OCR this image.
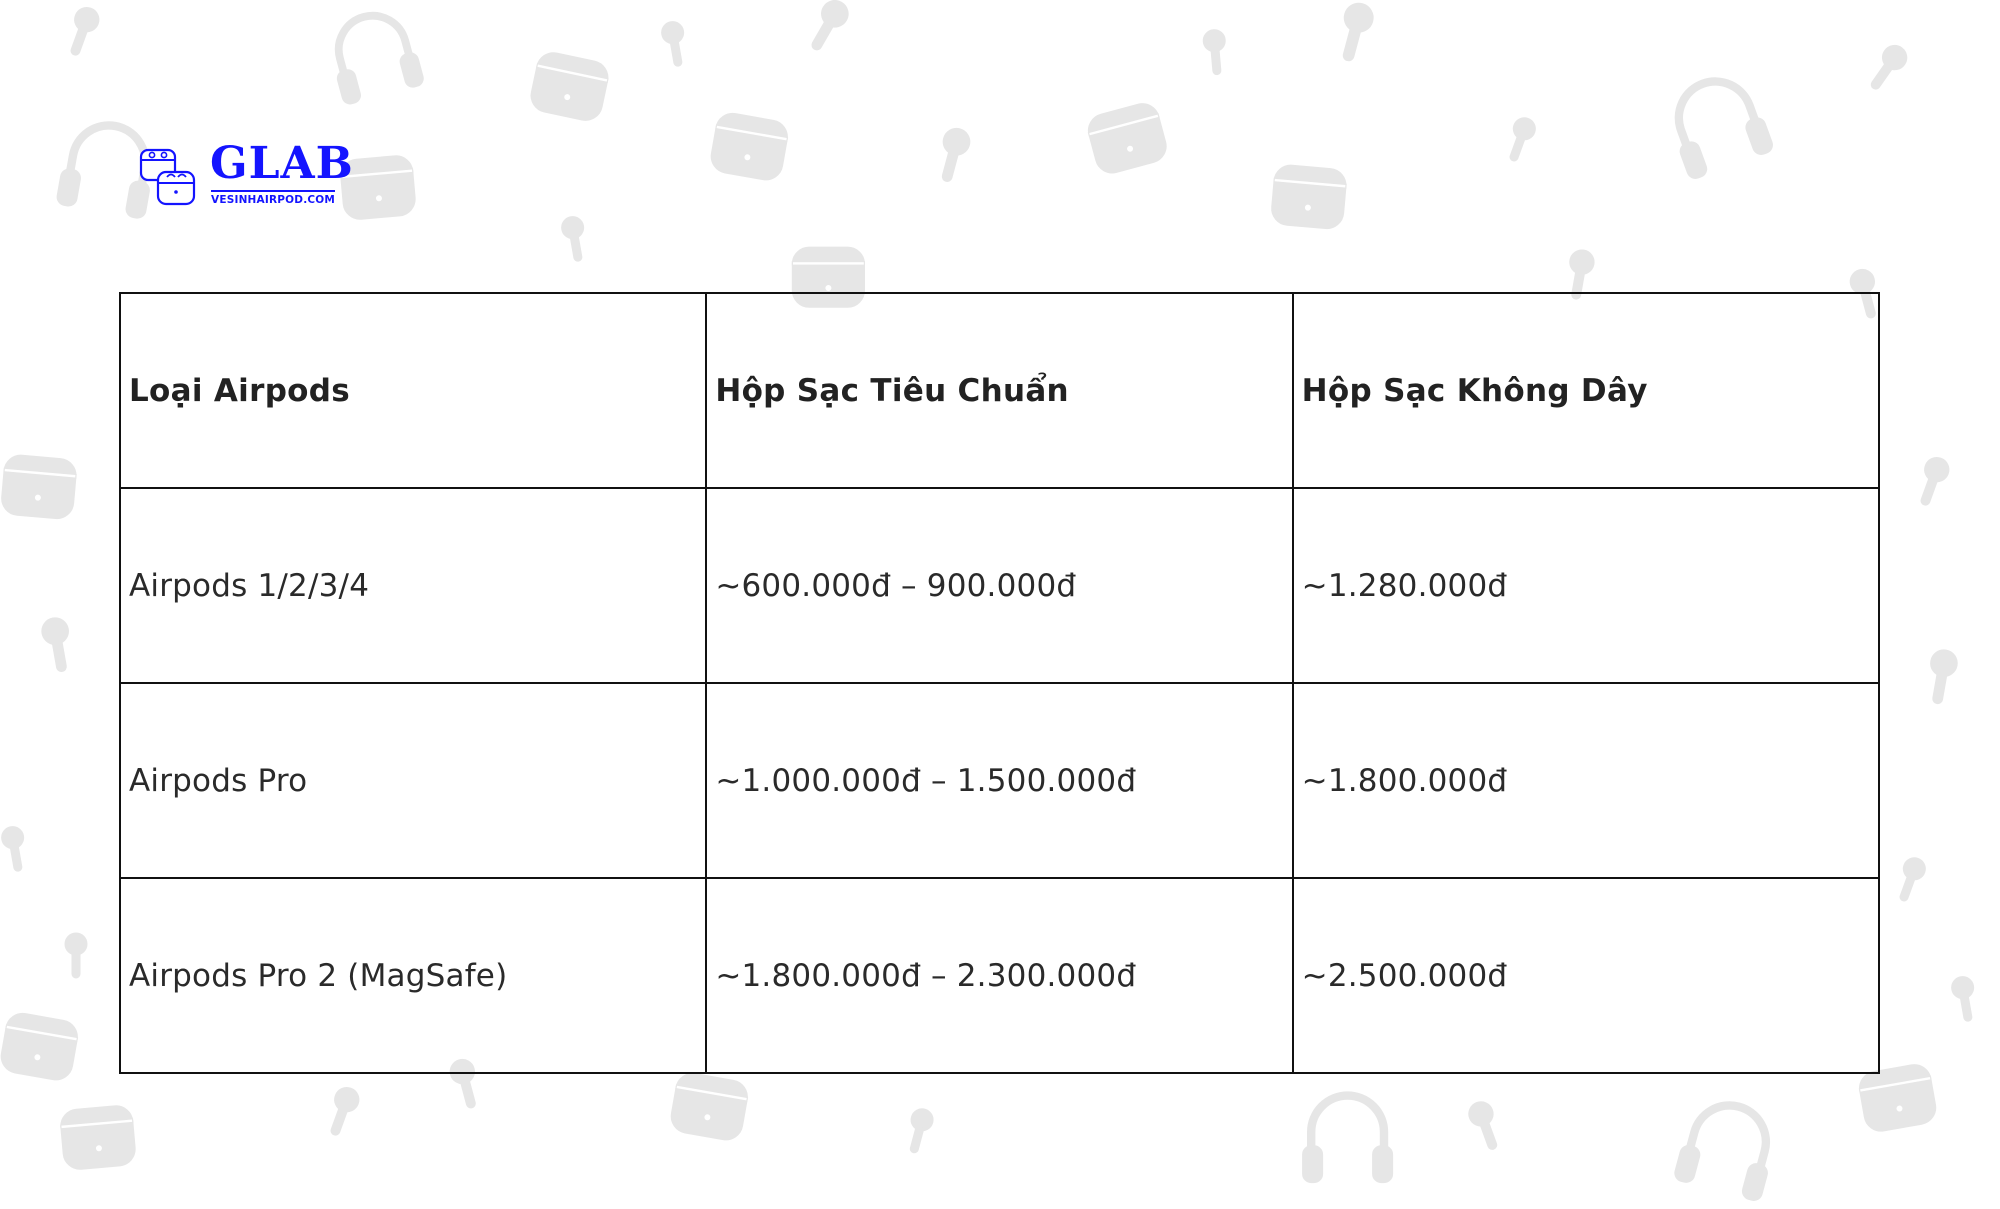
GLAB
VESINHAIRPOD.COM
Loại Airpods	Hộp Sạc Tiêu Chuẩn	Hộp Sạc Không Dây
Airpods 1/2/3/4	~600.000đ – 900.000đ	~1.280.000đ
Airpods Pro	~1.000.000đ – 1.500.000đ	~1.800.000đ
Airpods Pro 2 (MagSafe)	~1.800.000đ – 2.300.000đ	~2.500.000đ
